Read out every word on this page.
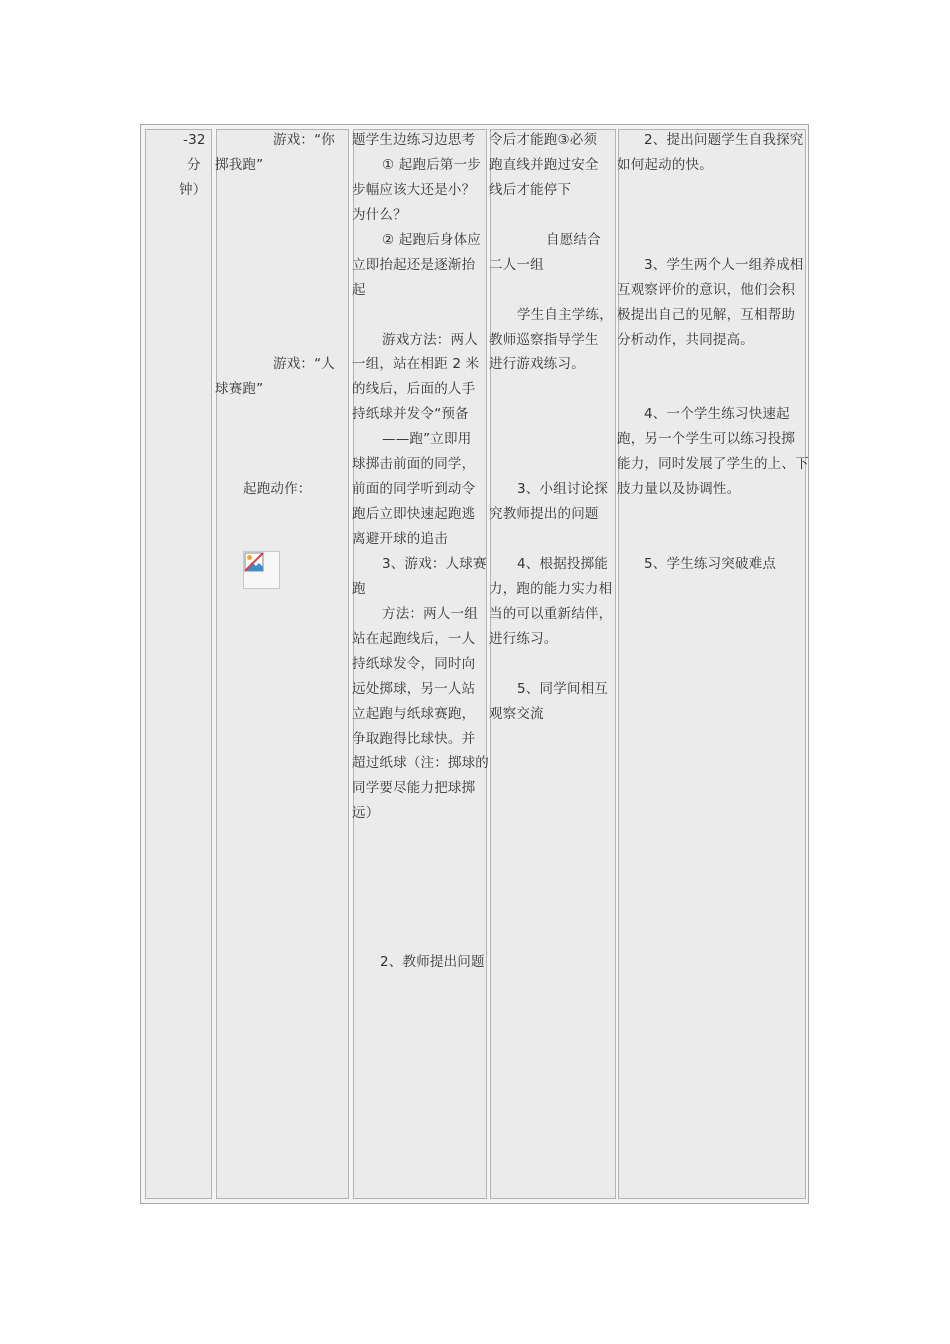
-32

分

钟）

游戏：“你

掷我跑”

游戏：“人

球赛跑”

起跑动作：

题学生边练习边思考

① 起跑后第一步

步幅应该大还是小？

为什么？

② 起跑后身体应

立即抬起还是逐渐抬

起

游戏方法：两人

一组，站在相距 2 米

的线后，后面的人手

持纸球并发令“预备

——跑”立即用

球掷击前面的同学，

前面的同学听到动令

跑后立即快速起跑逃

离避开球的追击

3、游戏：人球赛

跑

方法：两人一组

站在起跑线后，一人

持纸球发令，同时向

远处掷球，另一人站

立起跑与纸球赛跑，

争取跑得比球快。并

超过纸球（注：掷球的

同学要尽能力把球掷

远）

2、教师提出问题

令后才能跑③必须

跑直线并跑过安全

线后才能停下

自愿结合

二人一组

学生自主学练，

教师巡察指导学生

进行游戏练习。

3、小组讨论探

究教师提出的问题

4、根据投掷能

力，跑的能力实力相

当的可以重新结伴，

进行练习。

5、同学间相互

观察交流

2、提出问题学生自我探究

如何起动的快。

3、学生两个人一组养成相

互观察评价的意识，他们会积

极提出自己的见解，互相帮助

分析动作，共同提高。

4、一个学生练习快速起

跑，另一个学生可以练习投掷

能力，同时发展了学生的上、下

肢力量以及协调性。

5、学生练习突破难点
